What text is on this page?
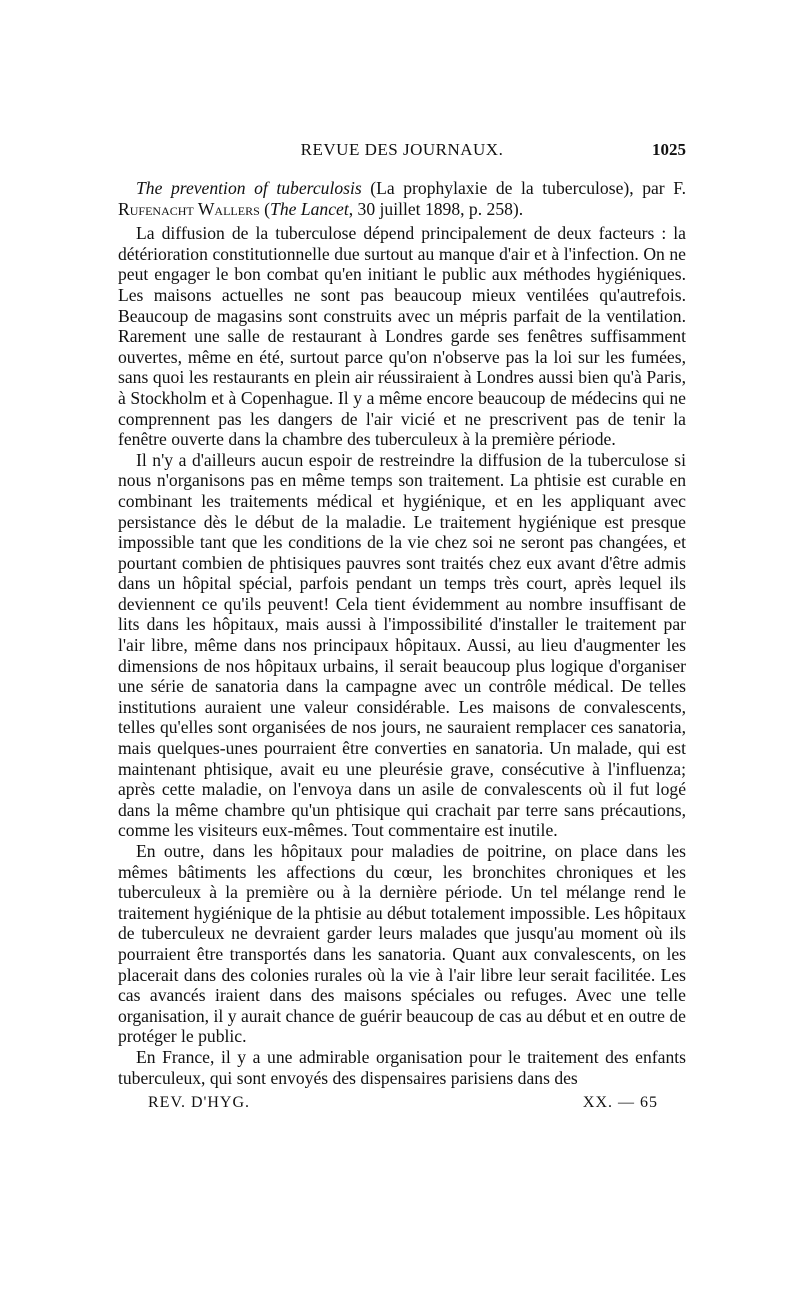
REVUE DES JOURNAUX.	1025

The prevention of tuberculosis (La prophylaxie de la tuberculose), par F. Rufenacht Wallers (The Lancet, 30 juillet 1898, p. 258).

La diffusion de la tuberculose dépend principalement de deux facteurs : la détérioration constitutionnelle due surtout au manque d'air et à l'infection. On ne peut engager le bon combat qu'en initiant le public aux méthodes hygiéniques. Les maisons actuelles ne sont pas beaucoup mieux ventilées qu'autrefois. Beaucoup de magasins sont construits avec un mépris parfait de la ventilation. Rarement une salle de restaurant à Londres garde ses fenêtres suffisamment ouvertes, même en été, surtout parce qu'on n'observe pas la loi sur les fumées, sans quoi les restaurants en plein air réussiraient à Londres aussi bien qu'à Paris, à Stockholm et à Copenhague. Il y a même encore beaucoup de médecins qui ne comprennent pas les dangers de l'air vicié et ne prescrivent pas de tenir la fenêtre ouverte dans la chambre des tuberculeux à la première période.

Il n'y a d'ailleurs aucun espoir de restreindre la diffusion de la tuberculose si nous n'organisons pas en même temps son traitement. La phtisie est curable en combinant les traitements médical et hygiénique, et en les appliquant avec persistance dès le début de la maladie. Le traitement hygiénique est presque impossible tant que les conditions de la vie chez soi ne seront pas changées, et pourtant combien de phtisiques pauvres sont traités chez eux avant d'être admis dans un hôpital spécial, parfois pendant un temps très court, après lequel ils deviennent ce qu'ils peuvent! Cela tient évidemment au nombre insuffisant de lits dans les hôpitaux, mais aussi à l'impossibilité d'installer le traitement par l'air libre, même dans nos principaux hôpitaux. Aussi, au lieu d'augmenter les dimensions de nos hôpitaux urbains, il serait beaucoup plus logique d'organiser une série de sanatoria dans la campagne avec un contrôle médical. De telles institutions auraient une valeur considérable. Les maisons de convalescents, telles qu'elles sont organisées de nos jours, ne sauraient remplacer ces sanatoria, mais quelques-unes pourraient être converties en sanatoria. Un malade, qui est maintenant phtisique, avait eu une pleurésie grave, consécutive à l'influenza; après cette maladie, on l'envoya dans un asile de convalescents où il fut logé dans la même chambre qu'un phtisique qui crachait par terre sans précautions, comme les visiteurs eux-mêmes. Tout commentaire est inutile.

En outre, dans les hôpitaux pour maladies de poitrine, on place dans les mêmes bâtiments les affections du cœur, les bronchites chroniques et les tuberculeux à la première ou à la dernière période. Un tel mélange rend le traitement hygiénique de la phtisie au début totalement impossible. Les hôpitaux de tuberculeux ne devraient garder leurs malades que jusqu'au moment où ils pourraient être transportés dans les sanatoria. Quant aux convalescents, on les placerait dans des colonies rurales où la vie à l'air libre leur serait facilitée. Les cas avancés iraient dans des maisons spéciales ou refuges. Avec une telle organisation, il y aurait chance de guérir beaucoup de cas au début et en outre de protéger le public.

En France, il y a une admirable organisation pour le traitement des enfants tuberculeux, qui sont envoyés des dispensaires parisiens dans des

REV. D'HYG.	XX. — 65
